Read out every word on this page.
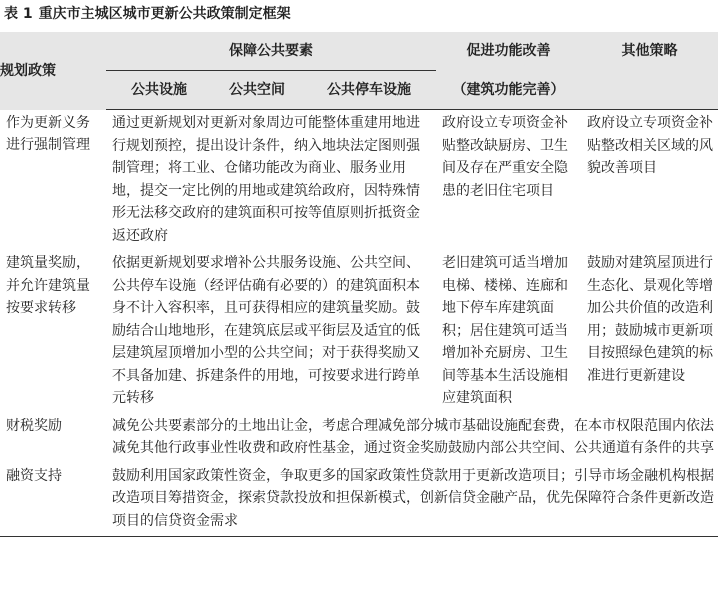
表 1 重庆市主城区城市更新公共政策制定框架
规划政策	保障公共要素	促进功能改善	其他策略

	公共设施 公共空间 公共停车设施	（建筑功能完善）	
作为更新义务进行强制管理	通过更新规划对更新对象周边可能整体重建用地进行规划预控，提出设计条件，纳入地块法定图则强制管理；将工业、仓储功能改为商业、服务业用地，提交一定比例的用地或建筑给政府，因特殊情形无法移交政府的建筑面积可按等值原则折抵资金返还政府	政府设立专项资金补贴整改缺厨房、卫生间及存在严重安全隐患的老旧住宅项目	政府设立专项资金补贴整改相关区域的风貌改善项目
建筑量奖励，并允许建筑量按要求转移	依据更新规划要求增补公共服务设施、公共空间、公共停车设施（经评估确有必要的）的建筑面积本身不计入容积率，且可获得相应的建筑量奖励。鼓励结合山地地形，在建筑底层或平街层及适宜的低层建筑屋顶增加小型的公共空间；对于获得奖励又不具备加建、拆建条件的用地，可按要求进行跨单元转移	老旧建筑可适当增加电梯、楼梯、连廊和地下停车库建筑面积；居住建筑可适当增加补充厨房、卫生间等基本生活设施相应建筑面积	鼓励对建筑屋顶进行生态化、景观化等增加公共价值的改造利用；鼓励城市更新项目按照绿色建筑的标准进行更新建设
财税奖励	减免公共要素部分的土地出让金，考虑合理减免部分城市基础设施配套费，在本市权限范围内依法减免其他行政事业性收费和政府性基金，通过资金奖励鼓励内部公共空间、公共通道有条件的共享		
融资支持	鼓励利用国家政策性资金，争取更多的国家政策性贷款用于更新改造项目；引导市场金融机构根据改造项目筹措资金，探索贷款投放和担保新模式，创新信贷金融产品，优先保障符合条件更新改造项目的信贷资金需求		
